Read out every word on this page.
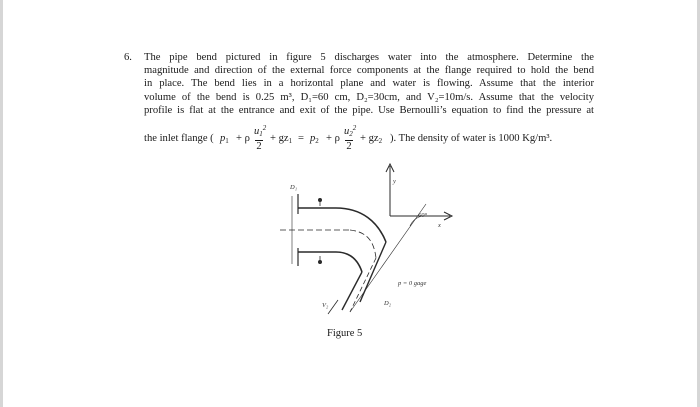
6. The pipe bend pictured in figure 5 discharges water into the atmosphere. Determine the
magnitude and direction of the external force components at the flange required to hold the bend
in place. The bend lies in a horizontal plane and water is flowing. Assume that the interior
volume of the bend is 0.25 m³, D₁=60 cm, D₂=30cm, and V₂=10m/s. Assume that the velocity
profile is flat at the entrance and exit of the pipe. Use Bernoulli’s equation to find the pressure at
the inlet flange ( $p_1 + \rho$
$u_1^2$
2
+ $gz_1 = p_2 + \rho$
$u_2^2$
2
+ $gz_2$ ). The density of water is 1000 Kg/m³.
D₁
y
60°
x
p = 0 gage
V₂	D₂
Figure 5
